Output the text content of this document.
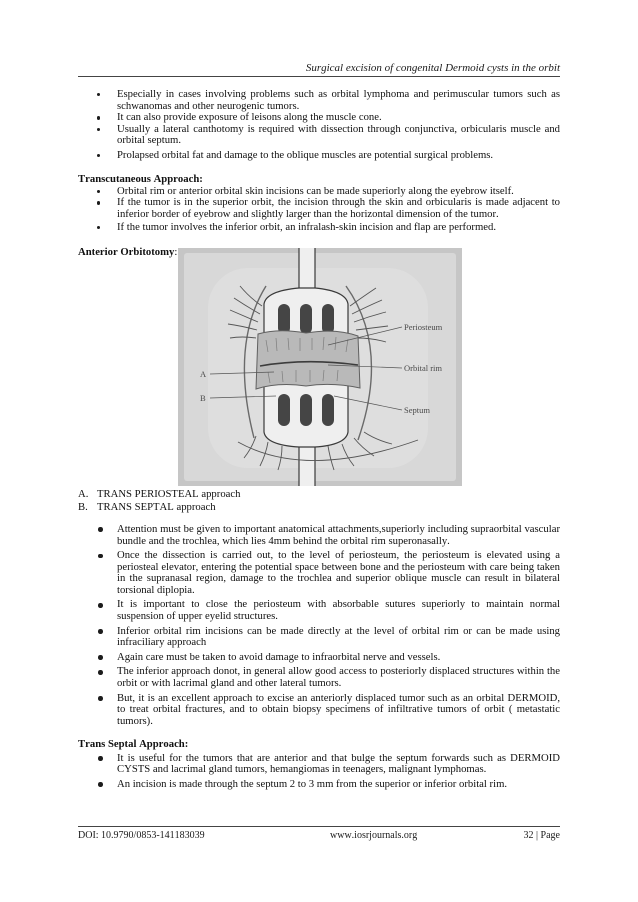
Surgical excision of congenital Dermoid cysts in the orbit
Especially in cases involving problems such as orbital lymphoma and perimuscular tumors such as schwanomas and other neurogenic tumors.
It can also provide exposure of leisons along the muscle cone.
Usually a lateral canthotomy is required with dissection through conjunctiva, orbicularis muscle and orbital septum.
Prolapsed orbital fat and damage to the oblique muscles are potential surgical problems.
Transcutaneous Approach:
Orbital rim or anterior orbital skin incisions can be made superiorly along the eyebrow itself.
If the tumor is in the superior orbit, the incision through the skin and orbicularis is made adjacent to inferior border of eyebrow and slightly larger than the horizontal dimension of the tumor.
If the tumor involves the inferior orbit, an infralash-skin incision and flap are performed.
Anterior Orbitotomy:
Periosteum
Orbital rim
Septum
A
B
A. TRANS PERIOSTEAL approach
B. TRANS SEPTAL approach
Attention must be given to important anatomical attachments,superiorly including supraorbital vascular bundle and the trochlea, which lies 4mm behind the orbital rim superonasally.
Once the dissection is carried out, to the level of periosteum, the periosteum is elevated using a periosteal elevator, entering the potential space between bone and the periosteum with care being taken in the supranasal region, damage to the trochlea and superior oblique muscle can result in bilateral torsional diplopia.
It is important to close the periosteum with absorbable sutures superiorly to maintain normal suspension of upper eyelid structures.
Inferior orbital rim incisions can be made directly at the level of orbital rim or can be made using infraciliary approach
Again care must be taken to avoid damage to infraorbital nerve and vessels.
The inferior approach donot, in general allow good access to posteriorly displaced structures within the orbit or with lacrimal gland and other lateral tumors.
But, it is an excellent approach to excise an anteriorly displaced tumor such as an orbital DERMOID, to treat orbital fractures, and to obtain biopsy specimens of infiltrative tumors of orbit ( metastatic tumors).
Trans Septal Approach:
It is useful for the tumors that are anterior and that bulge the septum forwards such as DERMOID CYSTS and lacrimal gland tumors, hemangiomas in teenagers, malignant lymphomas.
An incision is made through the septum 2 to 3 mm from the superior or inferior orbital rim.
DOI: 10.9790/0853-141183039	www.iosrjournals.org	32 | Page
